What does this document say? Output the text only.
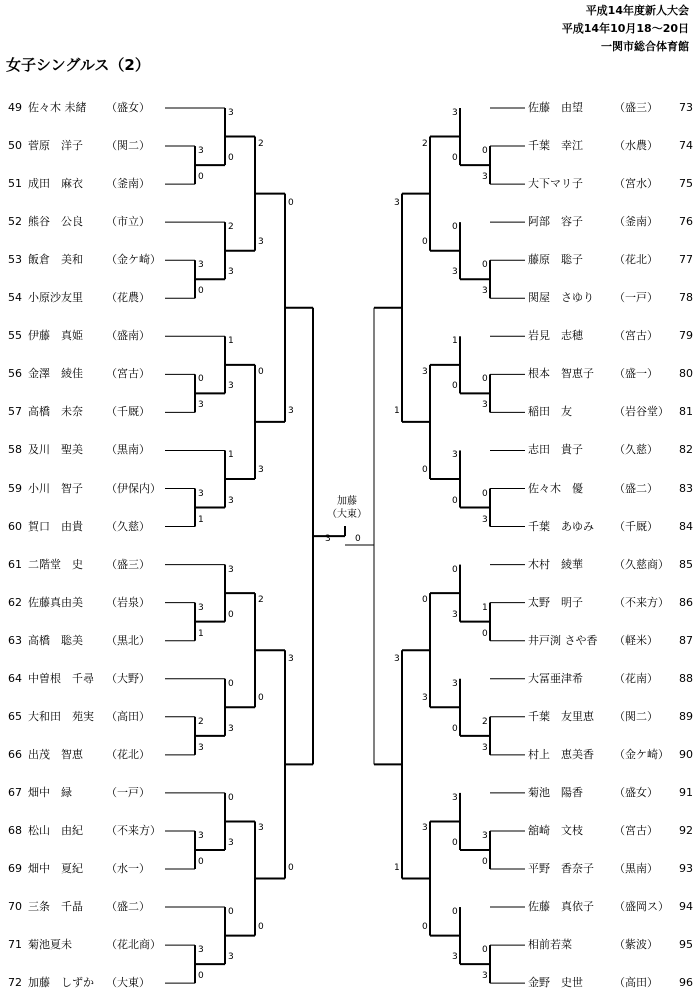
平成14年度新人大会
平成14年10月18～20日
一関市総合体育館
女子シングルス（2）
49 佐々木 未緒 （盛女）
50 菅原　洋子 （関二）
51 成田　麻衣 （釜南）
52 熊谷　公良 （市立）
53 飯倉　美和 （金ケ崎）
54 小原沙友里 （花農）
55 伊藤　真姫 （盛南）
56 金澤　綾佳 （宮古）
57 高橋　未奈 （千厩）
58 及川　聖美 （黒南）
59 小川　智子 （伊保内）
60 賀口　由貴 （久慈）
61 二階堂　史 （盛三）
62 佐藤真由美 （岩泉）
63 高橋　聡美 （黒北）
64 中曽根　千尋 （大野）
65 大和田　苑実 （高田）
66 出茂　智恵 （花北）
67 畑中　緑	（一戸）
68 松山　由紀 （不来方）
69 畑中　夏紀 （水一）
70 三条　千晶 （盛二）
71 菊池夏未	（花北商）
72 加藤　しずか （大東）
佐藤　由望	（盛三） 73
千葉　幸江	（水農） 74
大下マリ子	（宮水） 75
阿部　容子	（釜南） 76
藤原　聡子	（花北） 77
関屋　さゆり （一戸） 78
岩見　志穂	（宮古） 79
根本　智恵子 （盛一） 80
稲田　友	（岩谷堂） 81
志田　貴子	（久慈） 82
佐々木　優	（盛二） 83
千葉　あゆみ （千厩） 84
木村　綾華	（久慈商） 85
太野　明子	（不来方） 86
井戸渕 さや香 （軽米） 87
大冨亜津希	（花南） 88
千葉　友里恵 （関二） 89
村上　恵美香 （金ケ崎） 90
菊池　陽香	（盛女） 91
舘崎　文枝	（宮古） 92
平野　香奈子 （黒南） 93
佐藤　真依子 （盛岡ス） 94
相前若菜	（紫波） 95
金野　史世	（高田） 96
加藤
（大東）
3
0
3
0
3
0
2
3
0
3
1
3
3
1
1
3
3
1
3
0
2
3
0
3
3
0
0
3
3
0
0
3
2
3
0
3
2
0
3
0
0
3
3
0
0
3
3
0
0
3
0
3
0
3
1
0
0
3
3
0
1
0
0
3
2
3
3
0
3
0
3
0
0
3
0
3
2
0
3
0
0
3
3
0
3
1
3
1
3	0
